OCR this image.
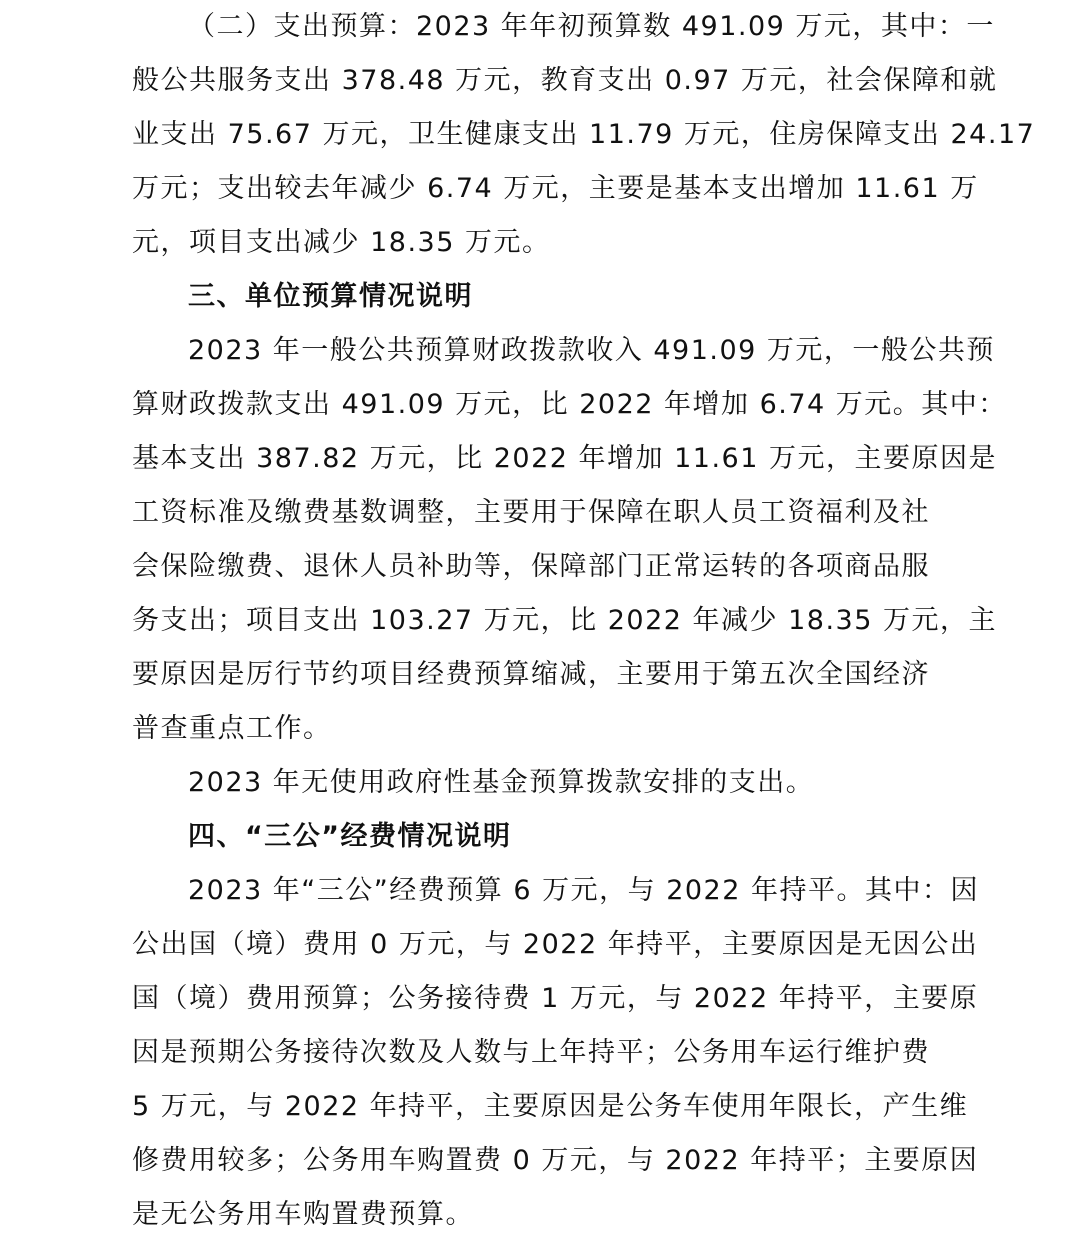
（二）支出预算：2023 年年初预算数 491.09 万元，其中：一
般公共服务支出 378.48 万元，教育支出 0.97 万元，社会保障和就
业支出 75.67 万元，卫生健康支出 11.79 万元，住房保障支出 24.17
万元；支出较去年减少 6.74 万元，主要是基本支出增加 11.61 万
元，项目支出减少 18.35 万元。
三、单位预算情况说明
2023 年一般公共预算财政拨款收入 491.09 万元，一般公共预
算财政拨款支出 491.09 万元，比 2022 年增加 6.74 万元。其中：
基本支出 387.82 万元，比 2022 年增加 11.61 万元，主要原因是
工资标准及缴费基数调整，主要用于保障在职人员工资福利及社
会保险缴费、退休人员补助等，保障部门正常运转的各项商品服
务支出；项目支出 103.27 万元，比 2022 年减少 18.35 万元，主
要原因是厉行节约项目经费预算缩减，主要用于第五次全国经济
普查重点工作。
2023 年无使用政府性基金预算拨款安排的支出。
四、“三公”经费情况说明
2023 年“三公”经费预算 6 万元，与 2022 年持平。其中：因
公出国（境）费用 0 万元，与 2022 年持平，主要原因是无因公出
国（境）费用预算；公务接待费 1 万元，与 2022 年持平，主要原
因是预期公务接待次数及人数与上年持平；公务用车运行维护费
5 万元，与 2022 年持平，主要原因是公务车使用年限长，产生维
修费用较多；公务用车购置费 0 万元，与 2022 年持平；主要原因
是无公务用车购置费预算。
